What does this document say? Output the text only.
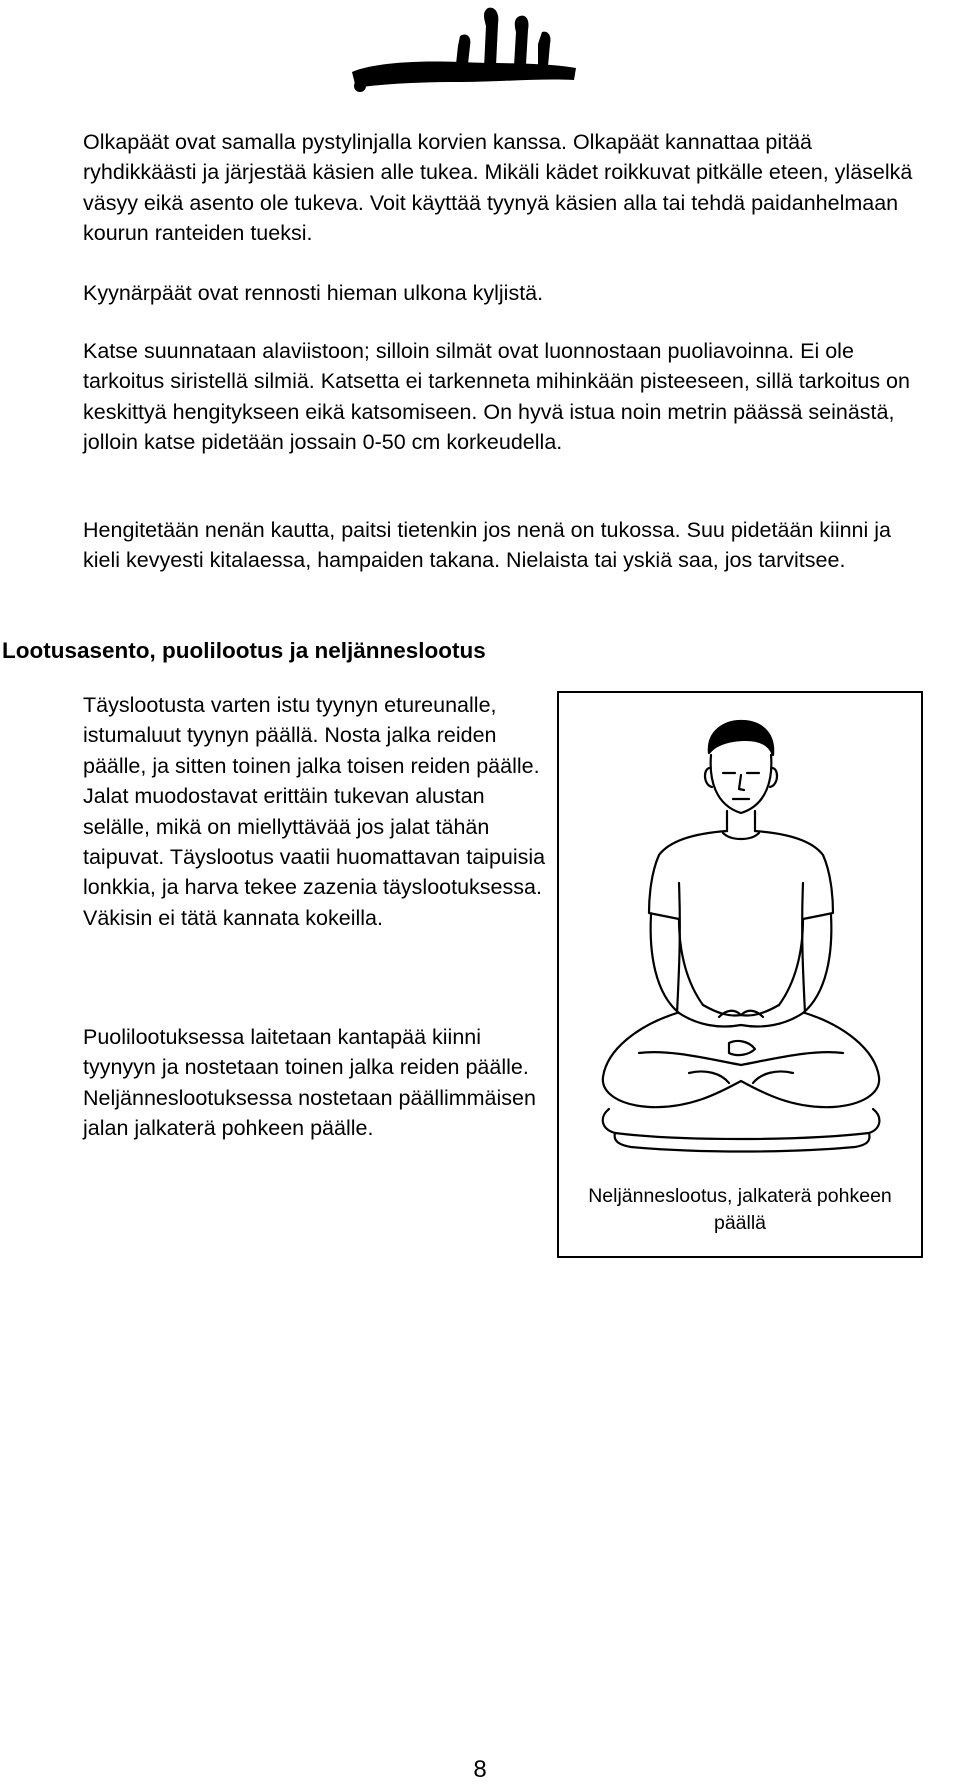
Olkapäät ovat samalla pystylinjalla korvien kanssa. Olkapäät kannattaa pitää ryhdikkäästi ja järjestää käsien alle tukea. Mikäli kädet roikkuvat pitkälle eteen, yläselkä väsyy eikä asento ole tukeva. Voit käyttää tyynyä käsien alla tai tehdä paidanhelmaan kourun ranteiden tueksi.

Kyynärpäät ovat rennosti hieman ulkona kyljistä.

Katse suunnataan alaviistoon; silloin silmät ovat luonnostaan puoliavoinna. Ei ole tarkoitus siristellä silmiä. Katsetta ei tarkenneta mihinkään pisteeseen, sillä tarkoitus on keskittyä hengitykseen eikä katsomiseen. On hyvä istua noin metrin päässä seinästä, jolloin katse pidetään jossain 0-50 cm korkeudella.

Hengitetään nenän kautta, paitsi tietenkin jos nenä on tukossa. Suu pidetään kiinni ja kieli kevyesti kitalaessa, hampaiden takana. Nielaista tai yskiä saa, jos tarvitsee.

Lootusasento, puolilootus ja neljänneslootus

Täyslootusta varten istu tyynyn etureunalle, istumaluut tyynyn päällä. Nosta jalka reiden päälle, ja sitten toinen jalka toisen reiden päälle. Jalat muodostavat erittäin tukevan alustan selälle, mikä on miellyttävää jos jalat tähän taipuvat. Täyslootus vaatii huomattavan taipuisia lonkkia, ja harva tekee zazenia täyslootuksessa. Väkisin ei tätä kannata kokeilla.

Puolilootuksessa laitetaan kantapää kiinni tyynyyn ja nostetaan toinen jalka reiden päälle. Neljänneslootuksessa nostetaan päällimmäisen jalan jalkaterä pohkeen päälle.

Neljänneslootus, jalkaterä pohkeen päällä
8
